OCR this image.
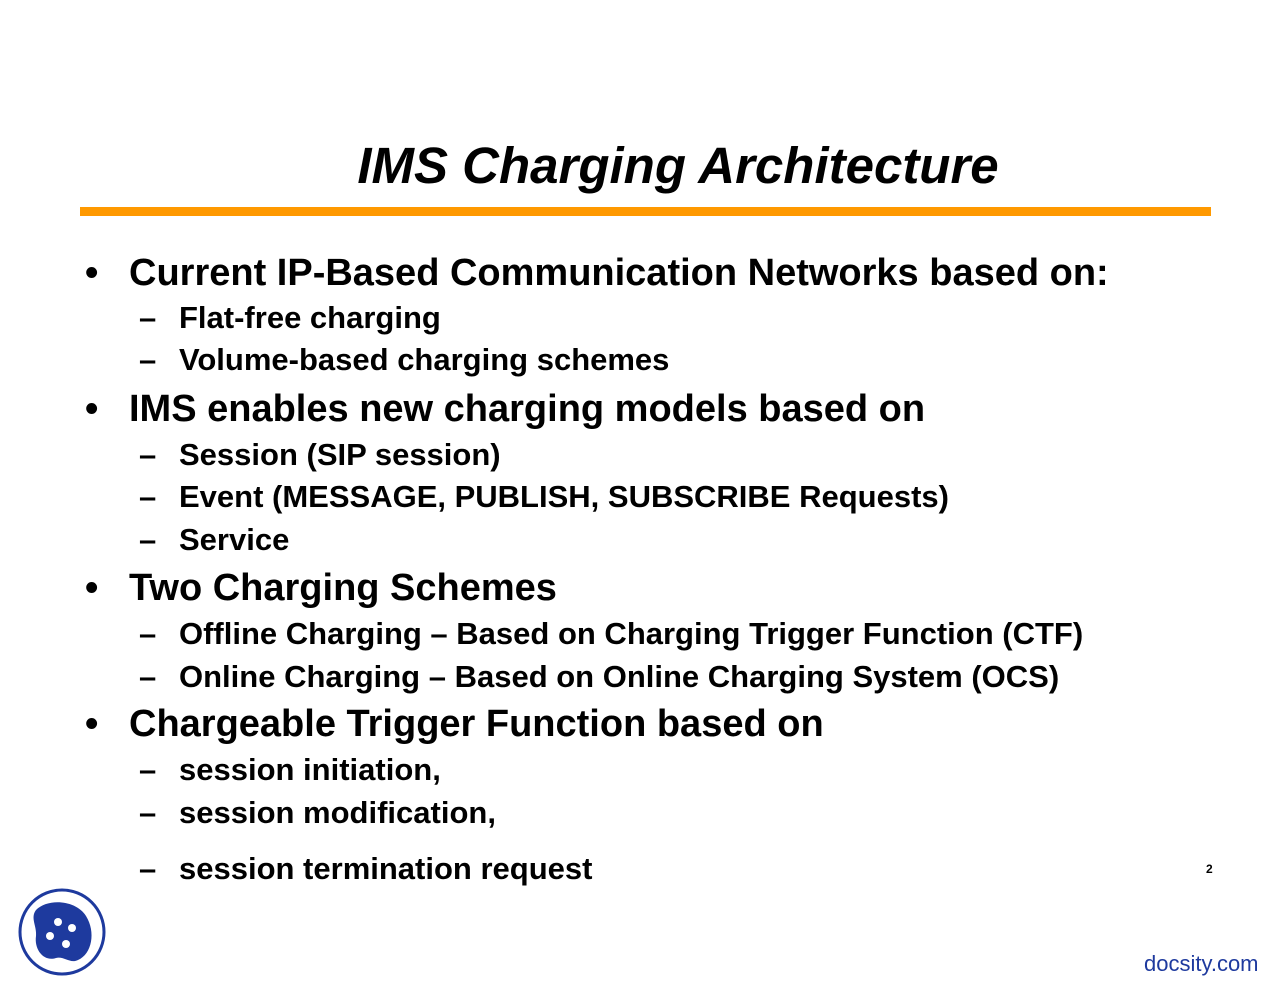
IMS Charging Architecture
• Current IP-Based Communication Networks based on:
– Flat-free charging
– Volume-based charging schemes
• IMS enables new charging models based on
– Session (SIP session)
– Event (MESSAGE, PUBLISH, SUBSCRIBE Requests)
– Service
• Two Charging Schemes
– Offline Charging – Based on Charging Trigger Function (CTF)
– Online Charging – Based on Online Charging System (OCS)
• Chargeable Trigger Function based on
– session initiation,
– session modification,
– session termination request	2
docsity.com
